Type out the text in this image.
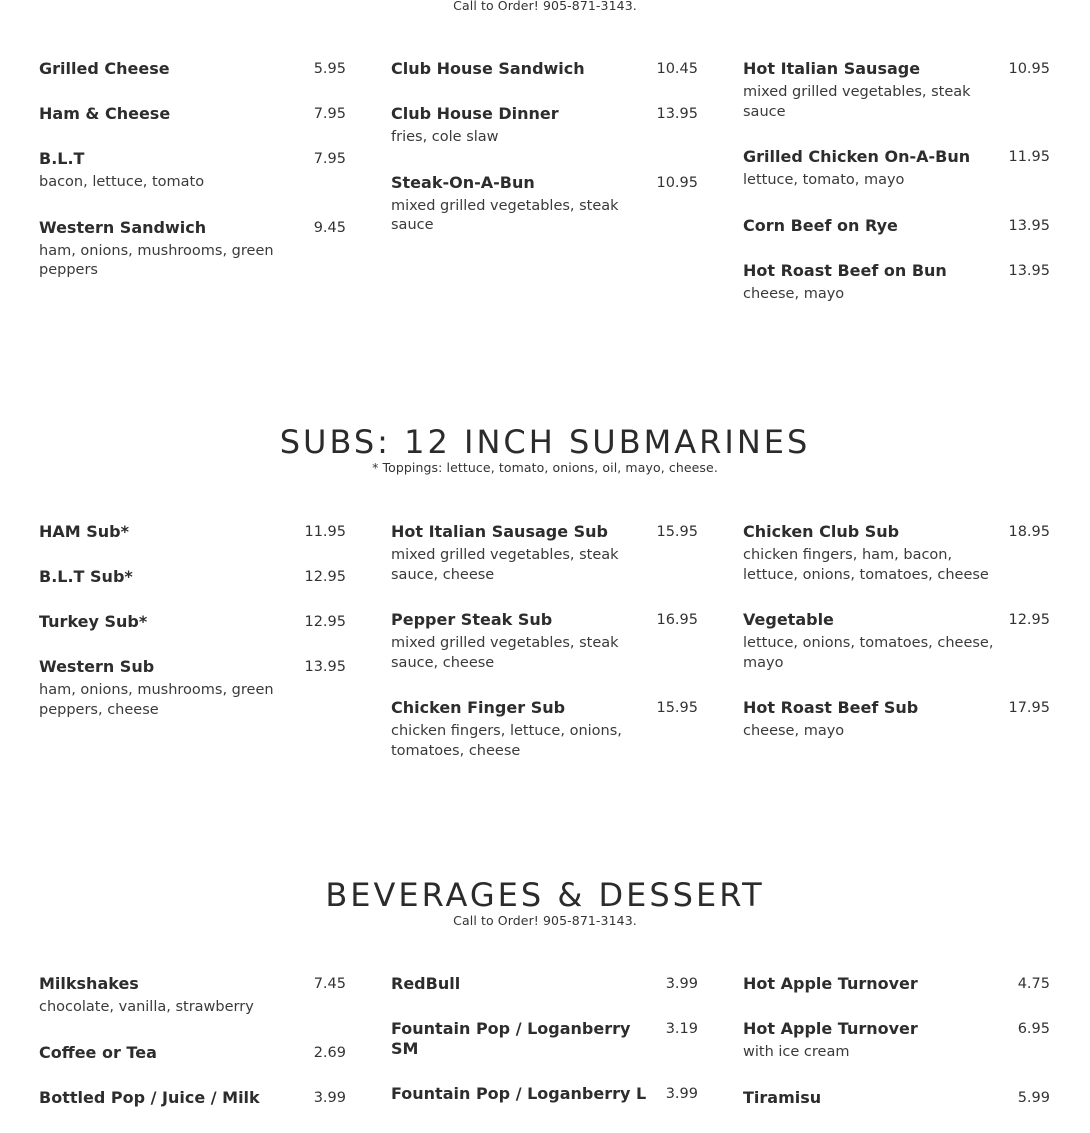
Call to Order! 905-871-3143.
Grilled Cheese	5.95
Ham & Cheese	7.95
B.L.T	7.95
bacon, lettuce, tomato
Western Sandwich	9.45
ham, onions, mushrooms, green peppers
Club House Sandwich	10.45
Club House Dinner	13.95
fries, cole slaw
Steak-On-A-Bun	10.95
mixed grilled vegetables, steak sauce
Hot Italian Sausage	10.95
mixed grilled vegetables, steak sauce
Grilled Chicken On-A-Bun	11.95
lettuce, tomato, mayo
Corn Beef on Rye	13.95
Hot Roast Beef on Bun	13.95
cheese, mayo
SUBS: 12 INCH SUBMARINES
* Toppings: lettuce, tomato, onions, oil, mayo, cheese.
HAM Sub*	11.95
B.L.T Sub*	12.95
Turkey Sub*	12.95
Western Sub	13.95
ham, onions, mushrooms, green peppers, cheese
Hot Italian Sausage Sub	15.95
mixed grilled vegetables, steak sauce, cheese
Pepper Steak Sub	16.95
mixed grilled vegetables, steak sauce, cheese
Chicken Finger Sub	15.95
chicken fingers, lettuce, onions, tomatoes, cheese
Chicken Club Sub	18.95
chicken fingers, ham, bacon, lettuce, onions, tomatoes, cheese
Vegetable	12.95
lettuce, onions, tomatoes, cheese, mayo
Hot Roast Beef Sub	17.95
cheese, mayo
BEVERAGES & DESSERT
Call to Order! 905-871-3143.
Milkshakes	7.45
chocolate, vanilla, strawberry
Coffee or Tea	2.69
Bottled Pop / Juice / Milk	3.99
RedBull	3.99
Fountain Pop / Loganberry SM
3.19
Fountain Pop / Loganberry L 3.99
Hot Apple Turnover	4.75
Hot Apple Turnover	6.95
with ice cream
Tiramisu	5.99
